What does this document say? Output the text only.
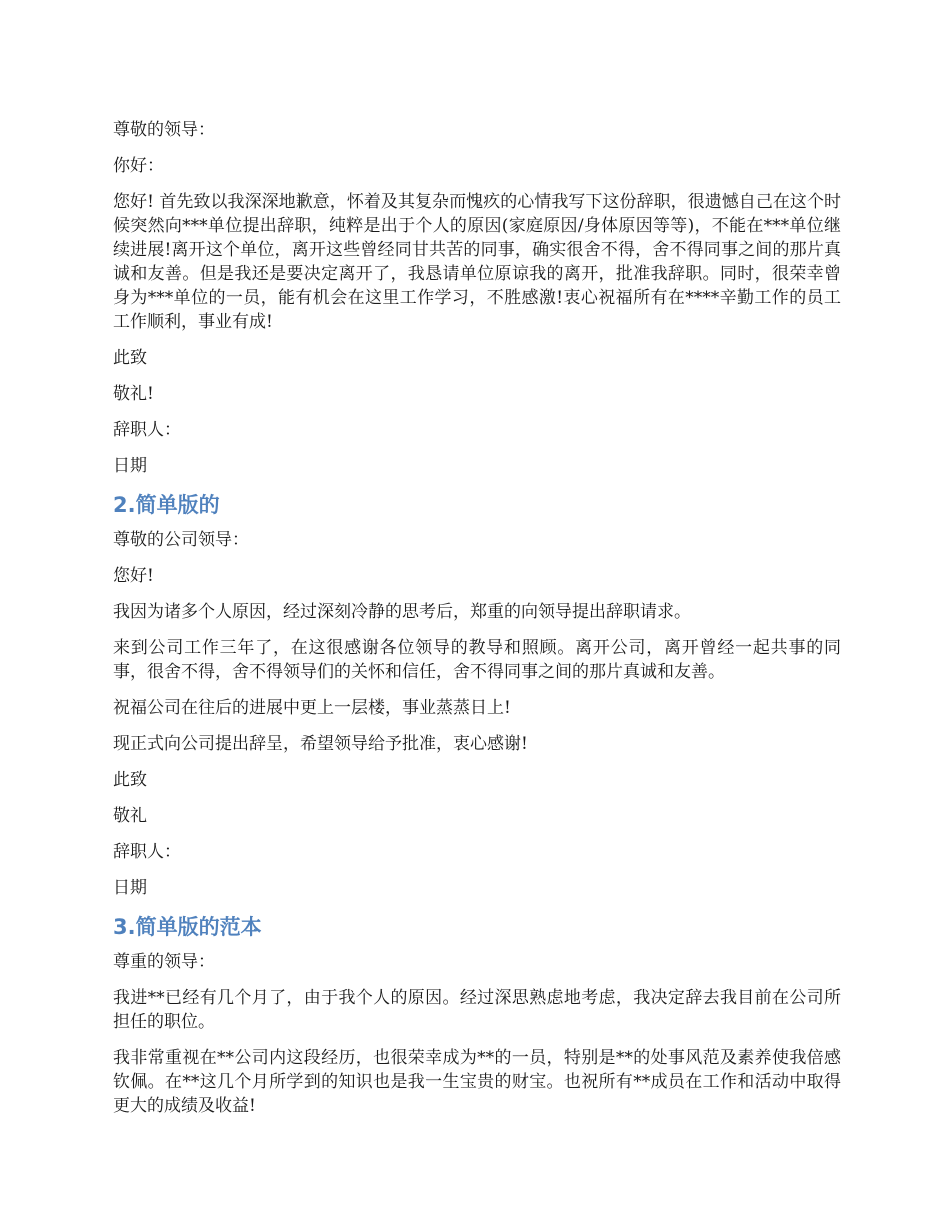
尊敬的领导：

你好：

您好! 首先致以我深深地歉意，怀着及其复杂而愧疚的心情我写下这份辞职，很遗憾自己在这个时候突然向***单位提出辞职，纯粹是出于个人的原因(家庭原因/身体原因等等)，不能在***单位继续进展!离开这个单位，离开这些曾经同甘共苦的同事，确实很舍不得，舍不得同事之间的那片真诚和友善。但是我还是要决定离开了，我恳请单位原谅我的离开，批准我辞职。同时，很荣幸曾身为***单位的一员，能有机会在这里工作学习，不胜感激!衷心祝福所有在****辛勤工作的员工工作顺利，事业有成!

此致

敬礼!

辞职人：

日期

2.简单版的

尊敬的公司领导：

您好!

我因为诸多个人原因，经过深刻冷静的思考后，郑重的向领导提出辞职请求。

来到公司工作三年了，在这很感谢各位领导的教导和照顾。离开公司，离开曾经一起共事的同事，很舍不得，舍不得领导们的关怀和信任，舍不得同事之间的那片真诚和友善。

祝福公司在往后的进展中更上一层楼，事业蒸蒸日上!

现正式向公司提出辞呈，希望领导给予批准，衷心感谢!

此致

敬礼

辞职人：

日期

3.简单版的范本

尊重的领导：

我进**已经有几个月了，由于我个人的原因。经过深思熟虑地考虑，我决定辞去我目前在公司所担任的职位。

我非常重视在**公司内这段经历，也很荣幸成为**的一员，特别是**的处事风范及素养使我倍感钦佩。在**这几个月所学到的知识也是我一生宝贵的财宝。也祝所有**成员在工作和活动中取得更大的成绩及收益!
